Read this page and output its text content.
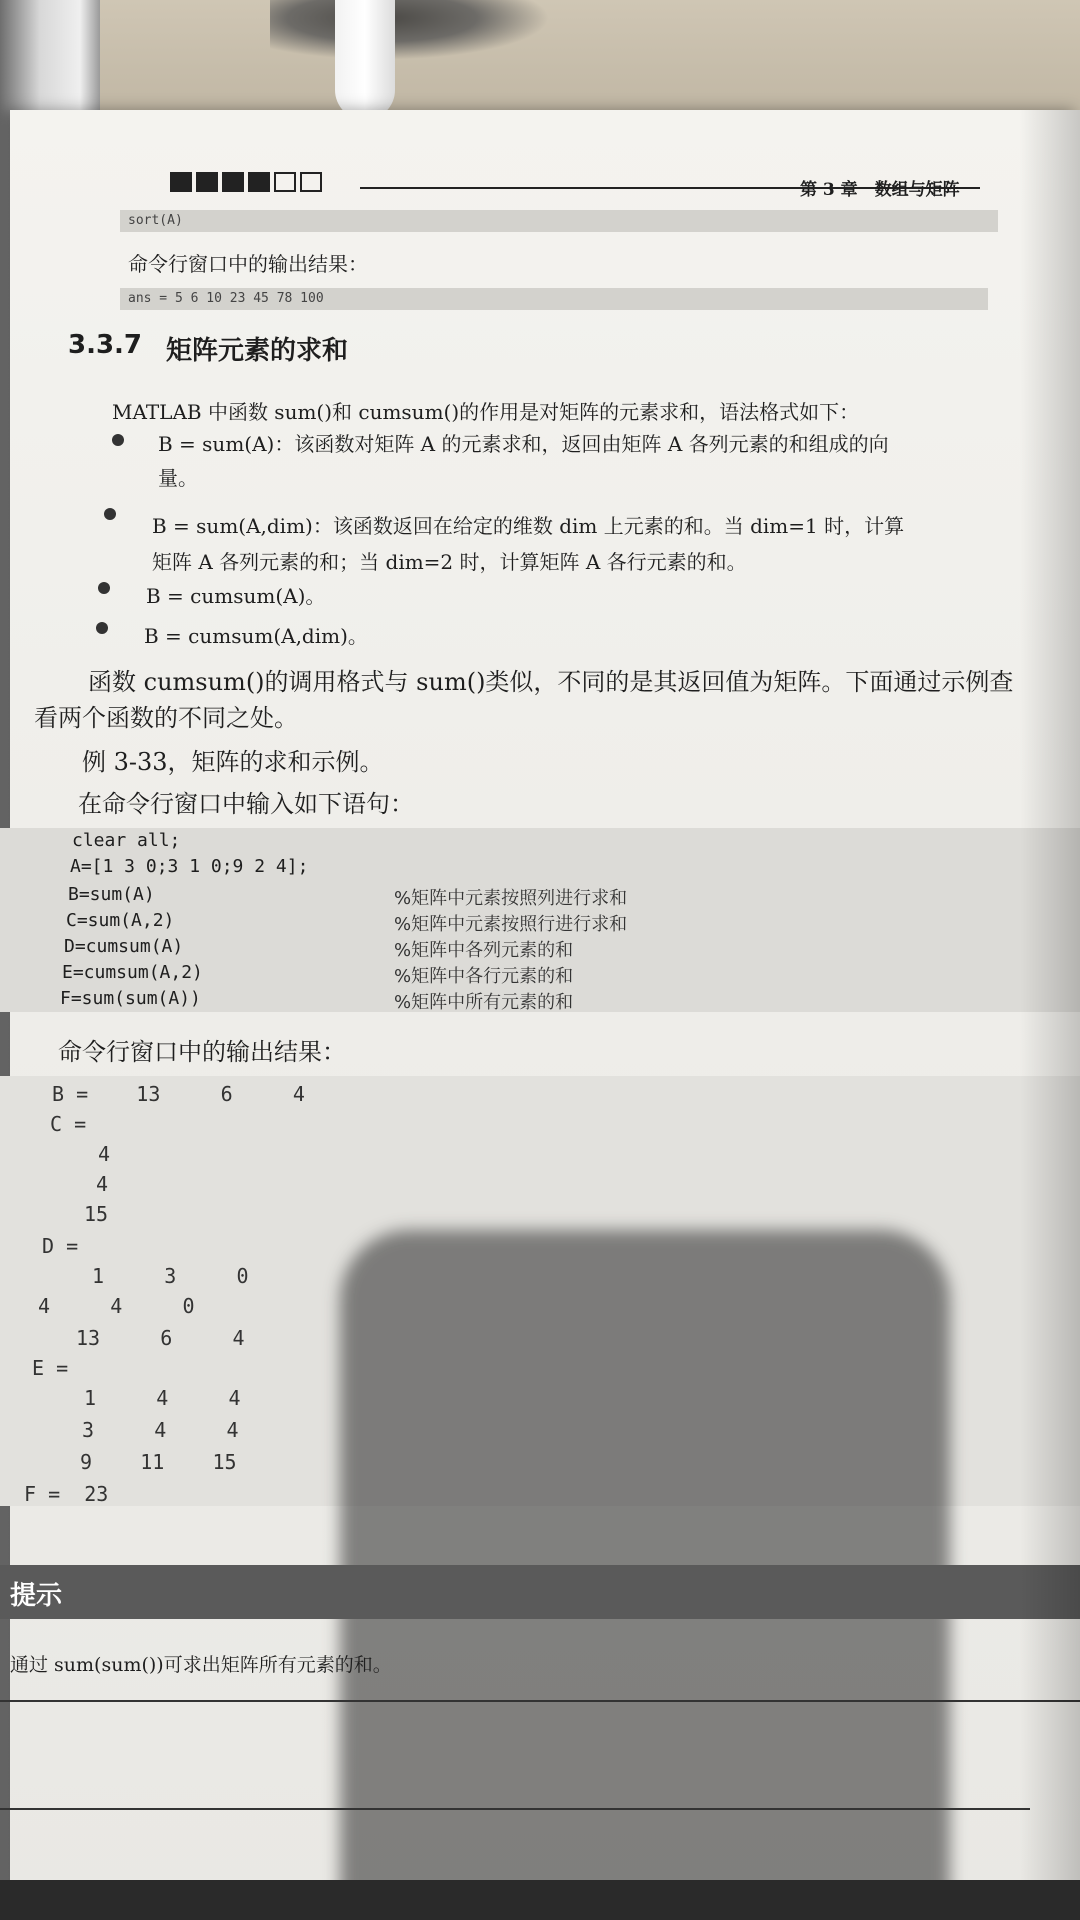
第 3 章　数组与矩阵
sort(A)
命令行窗口中的输出结果：
ans = 5 6 10 23 45 78 100
3.3.7 矩阵元素的求和
MATLAB 中函数 sum()和 cumsum()的作用是对矩阵的元素求和，语法格式如下：
B = sum(A)：该函数对矩阵 A 的元素求和，返回由矩阵 A 各列元素的和组成的向
量。
B = sum(A,dim)：该函数返回在给定的维数 dim 上元素的和。当 dim=1 时，计算
矩阵 A 各列元素的和；当 dim=2 时，计算矩阵 A 各行元素的和。
B = cumsum(A)。
B = cumsum(A,dim)。
函数 cumsum()的调用格式与 sum()类似，不同的是其返回值为矩阵。下面通过示例查
看两个函数的不同之处。
例 3-33，矩阵的求和示例。
在命令行窗口中输入如下语句：
clear all;
A=[1 3 0;3 1 0;9 2 4];
B=sum(A)	%矩阵中元素按照列进行求和
C=sum(A,2)	%矩阵中元素按照行进行求和
D=cumsum(A)	%矩阵中各列元素的和
E=cumsum(A,2)	%矩阵中各行元素的和
F=sum(sum(A))	%矩阵中所有元素的和
命令行窗口中的输出结果：
B =    13     6     4
C =
4
4
15
D =
1     3     0
4     4     0
13     6     4
E =
1     4     4
3     4     4
9    11    15
F =  23
提示
通过 sum(sum())可求出矩阵所有元素的和。
